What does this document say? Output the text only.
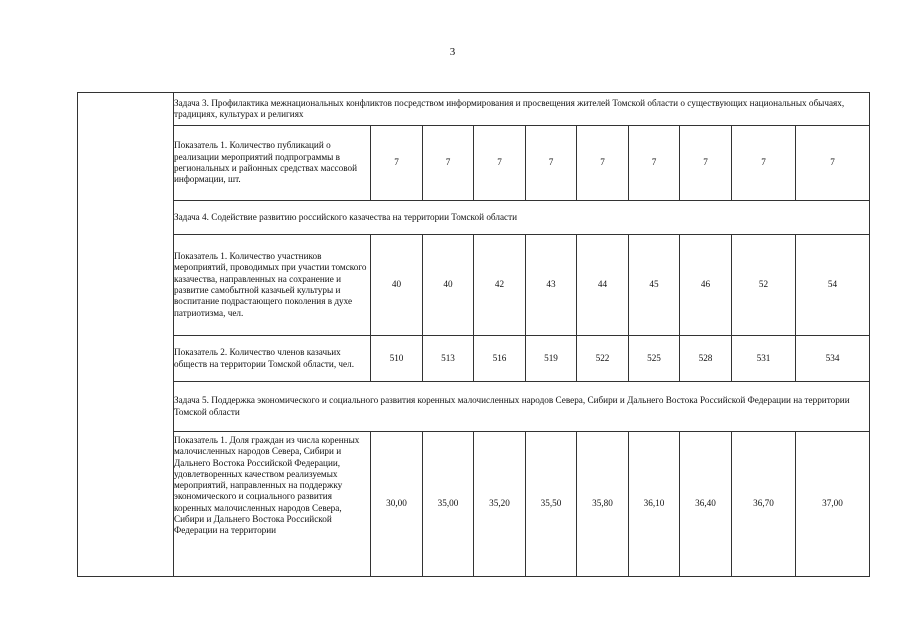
3
	Задача 3. Профилактика межнациональных конфликтов посредством информирования и просвещения жителей Томской области о существующих национальных обычаях, традициях, культурах и религиях									
	Показатель 1. Количество публикаций о реализации мероприятий подпрограммы в региональных и районных средствах массовой информации, шт.	7	7	7	7	7	7	7	7	7
	Задача 4. Содействие развитию российского казачества на территории Томской области									
	Показатель 1. Количество участников мероприятий, проводимых при участии томского казачества, направленных на сохранение и развитие самобытной казачьей культуры и воспитание подрастающего поколения в духе патриотизма, чел.	40	40	42	43	44	45	46	52	54
	Показатель 2. Количество членов казачьих обществ на территории Томской области, чел.	510	513	516	519	522	525	528	531	534
	Задача 5. Поддержка экономического и социального развития коренных малочисленных народов Севера, Сибири и Дальнего Востока Российской Федерации на территории Томской области									

	Показатель 1. Доля граждан из числа коренных малочисленных народов Севера, Сибири и Дальнего Востока Российской Федерации, удовлетворенных качеством реализуемых мероприятий, направленных на поддержку экономического и социального развития коренных малочисленных народов Севера, Сибири и Дальнего Востока Российской Федерации на территории	30,00	35,00	35,20	35,50	35,80	36,10	36,40	36,70	37,00
